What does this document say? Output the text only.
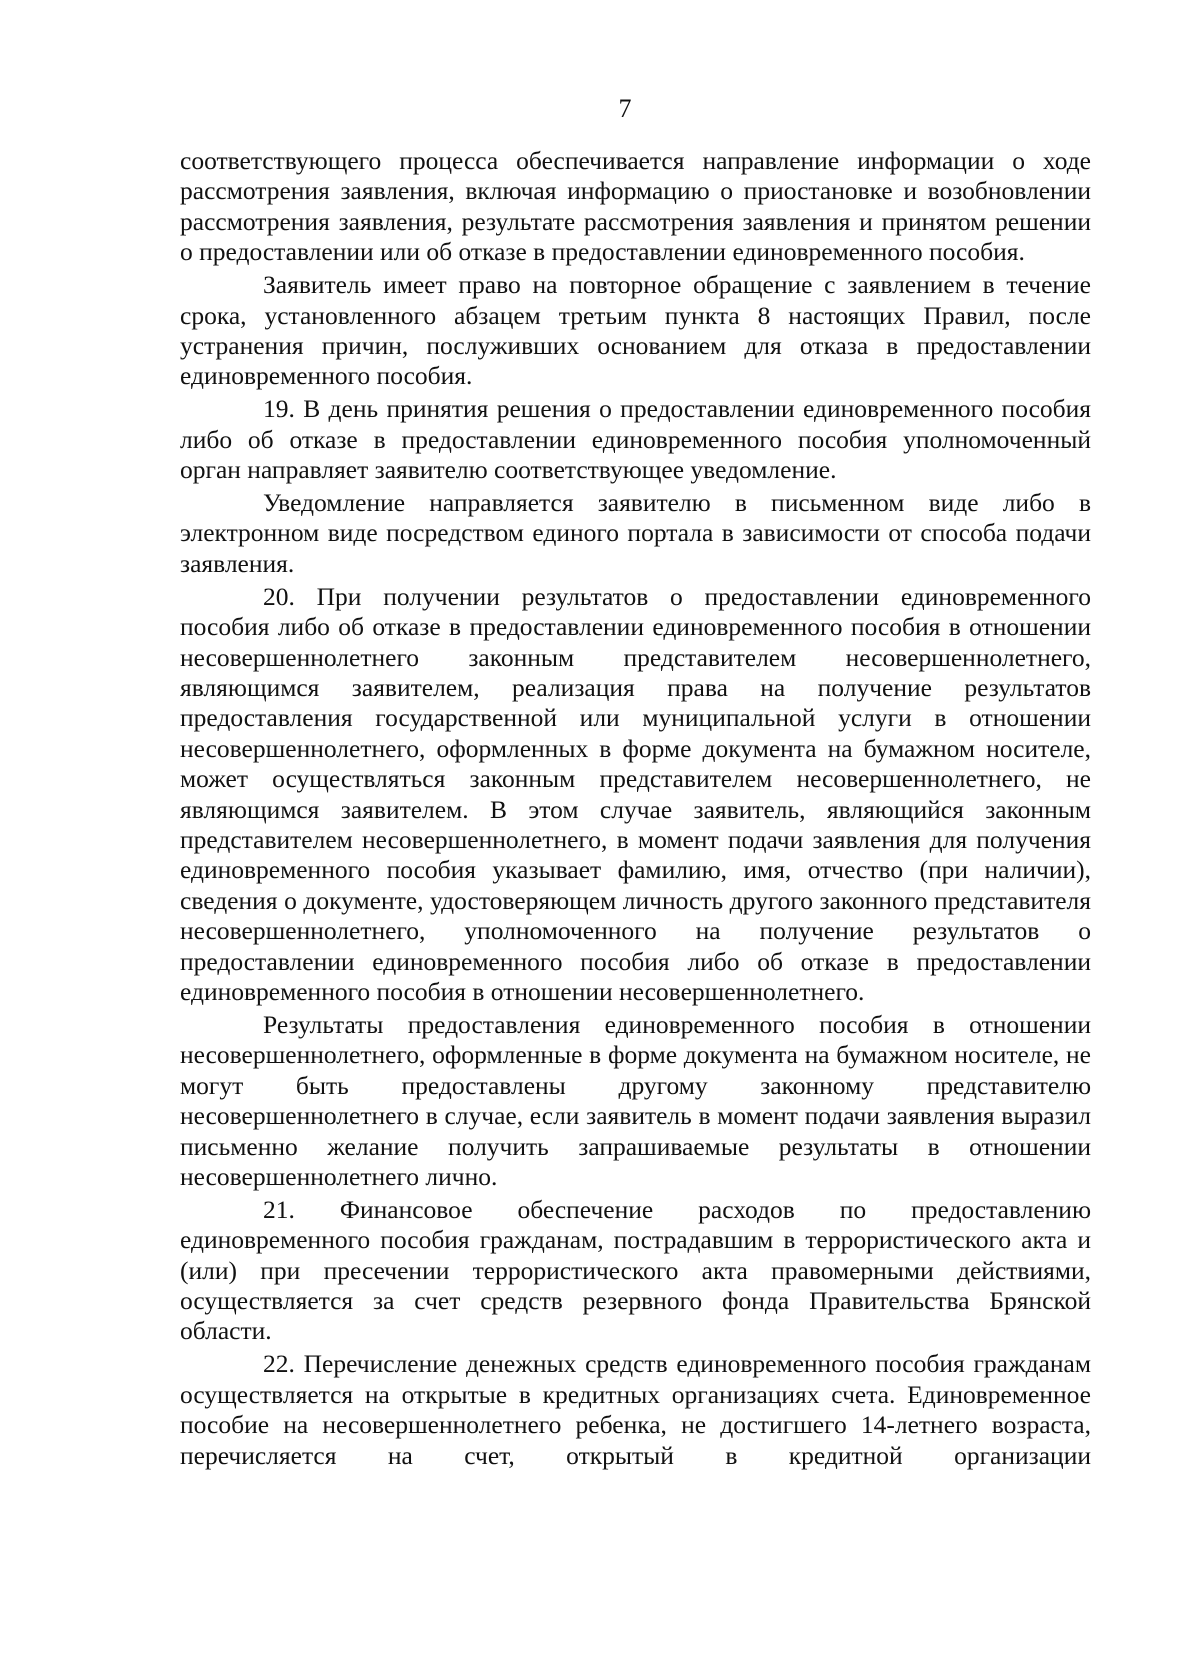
7

соответствующего процесса обеспечивается направление информации о ходе рассмотрения заявления, включая информацию о приостановке и возобновлении рассмотрения заявления, результате рассмотрения заявления и принятом решении о предоставлении или об отказе в предоставлении единовременного пособия.

Заявитель имеет право на повторное обращение с заявлением в течение срока, установленного абзацем третьим пункта 8 настоящих Правил, после устранения причин, послуживших основанием для отказа в предоставлении единовременного пособия.

19. В день принятия решения о предоставлении единовременного пособия либо об отказе в предоставлении единовременного пособия уполномоченный орган направляет заявителю соответствующее уведомление.

Уведомление направляется заявителю в письменном виде либо в электронном виде посредством единого портала в зависимости от способа подачи заявления.

20. При получении результатов о предоставлении единовременного пособия либо об отказе в предоставлении единовременного пособия в отношении несовершеннолетнего законным представителем несовершеннолетнего, являющимся заявителем, реализация права на получение результатов предоставления государственной или муниципальной услуги в отношении несовершеннолетнего, оформленных в форме документа на бумажном носителе, может осуществляться законным представителем несовершеннолетнего, не являющимся заявителем. В этом случае заявитель, являющийся законным представителем несовершеннолетнего, в момент подачи заявления для получения единовременного пособия указывает фамилию, имя, отчество (при наличии), сведения о документе, удостоверяющем личность другого законного представителя несовершеннолетнего, уполномоченного на получение результатов о предоставлении единовременного пособия либо об отказе в предоставлении единовременного пособия в отношении несовершеннолетнего.

Результаты предоставления единовременного пособия в отношении несовершеннолетнего, оформленные в форме документа на бумажном носителе, не могут быть предоставлены другому законному представителю несовершеннолетнего в случае, если заявитель в момент подачи заявления выразил письменно желание получить запрашиваемые результаты в отношении несовершеннолетнего лично.

21. Финансовое обеспечение расходов по предоставлению единовременного пособия гражданам, пострадавшим в террористического акта и (или) при пресечении террористического акта правомерными действиями, осуществляется за счет средств резервного фонда Правительства Брянской области.

22. Перечисление денежных средств единовременного пособия гражданам осуществляется на открытые в кредитных организациях счета. Единовременное пособие на несовершеннолетнего ребенка, не достигшего 14-летнего возраста, перечисляется на счет, открытый в кредитной организации
